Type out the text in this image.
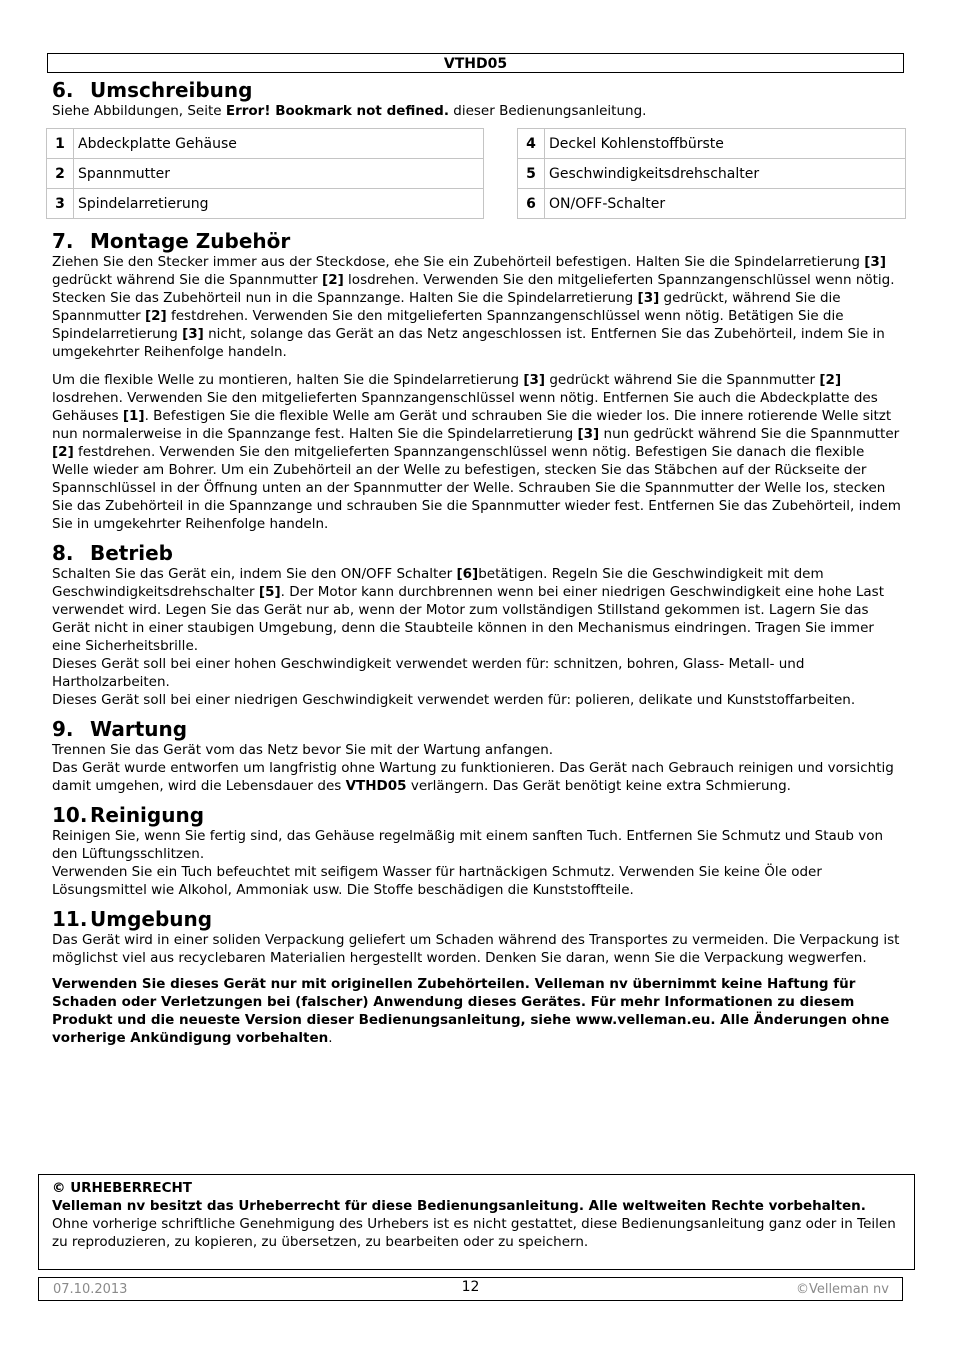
VTHD05
6. Umschreibung

Siehe Abbildungen, Seite Error! Bookmark not defined. dieser Bedienungsanleitung.

1	Abdeckplatte Gehäuse
2	Spannmutter
3	Spindelarretierung
4	Deckel Kohlenstoffbürste
5	Geschwindigkeitsdrehschalter
6	ON/OFF-Schalter
7. Montage Zubehör

Ziehen Sie den Stecker immer aus der Steckdose, ehe Sie ein Zubehörteil befestigen. Halten Sie die Spindelarretierung [3] gedrückt während Sie die Spannmutter [2] losdrehen. Verwenden Sie den mitgelieferten Spannzangenschlüssel wenn nötig. Stecken Sie das Zubehörteil nun in die Spannzange. Halten Sie die Spindelarretierung [3] gedrückt, während Sie die Spannmutter [2] festdrehen. Verwenden Sie den mitgelieferten Spannzangenschlüssel wenn nötig. Betätigen Sie die Spindelarretierung [3] nicht, solange das Gerät an das Netz angeschlossen ist. Entfernen Sie das Zubehörteil, indem Sie in umgekehrter Reihenfolge handeln.

Um die flexible Welle zu montieren, halten Sie die Spindelarretierung [3] gedrückt während Sie die Spannmutter [2] losdrehen. Verwenden Sie den mitgelieferten Spannzangenschlüssel wenn nötig. Entfernen Sie auch die Abdeckplatte des Gehäuses [1]. Befestigen Sie die flexible Welle am Gerät und schrauben Sie die wieder los. Die innere rotierende Welle sitzt nun normalerweise in die Spannzange fest. Halten Sie die Spindelarretierung [3] nun gedrückt während Sie die Spannmutter [2] festdrehen. Verwenden Sie den mitgelieferten Spannzangenschlüssel wenn nötig. Befestigen Sie danach die flexible Welle wieder am Bohrer. Um ein Zubehörteil an der Welle zu befestigen, stecken Sie das Stäbchen auf der Rückseite der Spannschlüssel in der Öffnung unten an der Spannmutter der Welle. Schrauben Sie die Spannmutter der Welle los, stecken Sie das Zubehörteil in die Spannzange und schrauben Sie die Spannmutter wieder fest. Entfernen Sie das Zubehörteil, indem Sie in umgekehrter Reihenfolge handeln.

8. Betrieb

Schalten Sie das Gerät ein, indem Sie den ON/OFF Schalter [6]betätigen. Regeln Sie die Geschwindigkeit mit dem Geschwindigkeitsdrehschalter [5]. Der Motor kann durchbrennen wenn bei einer niedrigen Geschwindigkeit eine hohe Last verwendet wird. Legen Sie das Gerät nur ab, wenn der Motor zum vollständigen Stillstand gekommen ist. Lagern Sie das Gerät nicht in einer staubigen Umgebung, denn die Staubteile können in den Mechanismus eindringen. Tragen Sie immer eine Sicherheitsbrille.

Dieses Gerät soll bei einer hohen Geschwindigkeit verwendet werden für: schnitzen, bohren, Glass- Metall- und Hartholzarbeiten.

Dieses Gerät soll bei einer niedrigen Geschwindigkeit verwendet werden für: polieren, delikate und Kunststoffarbeiten.

9. Wartung

Trennen Sie das Gerät vom das Netz bevor Sie mit der Wartung anfangen.

Das Gerät wurde entworfen um langfristig ohne Wartung zu funktionieren. Das Gerät nach Gebrauch reinigen und vorsichtig damit umgehen, wird die Lebensdauer des VTHD05 verlängern. Das Gerät benötigt keine extra Schmierung.

10. Reinigung

Reinigen Sie, wenn Sie fertig sind, das Gehäuse regelmäßig mit einem sanften Tuch. Entfernen Sie Schmutz und Staub von den Lüftungsschlitzen.

Verwenden Sie ein Tuch befeuchtet mit seifigem Wasser für hartnäckigen Schmutz. Verwenden Sie keine Öle oder Lösungsmittel wie Alkohol, Ammoniak usw. Die Stoffe beschädigen die Kunststoffteile.

11. Umgebung

Das Gerät wird in einer soliden Verpackung geliefert um Schaden während des Transportes zu vermeiden. Die Verpackung ist möglichst viel aus recyclebaren Materialien hergestellt worden. Denken Sie daran, wenn Sie die Verpackung wegwerfen.

Verwenden Sie dieses Gerät nur mit originellen Zubehörteilen. Velleman nv übernimmt keine Haftung für Schaden oder Verletzungen bei (falscher) Anwendung dieses Gerätes. Für mehr Informationen zu diesem Produkt und die neueste Version dieser Bedienungsanleitung, siehe www.velleman.eu. Alle Änderungen ohne vorherige Ankündigung vorbehalten.

© URHEBERRECHT
Velleman nv besitzt das Urheberrecht für diese Bedienungsanleitung. Alle weltweiten Rechte vorbehalten. Ohne vorherige schriftliche Genehmigung des Urhebers ist es nicht gestattet, diese Bedienungsanleitung ganz oder in Teilen zu reproduzieren, zu kopieren, zu übersetzen, zu bearbeiten oder zu speichern.
07.10.2013	12	©Velleman nv
